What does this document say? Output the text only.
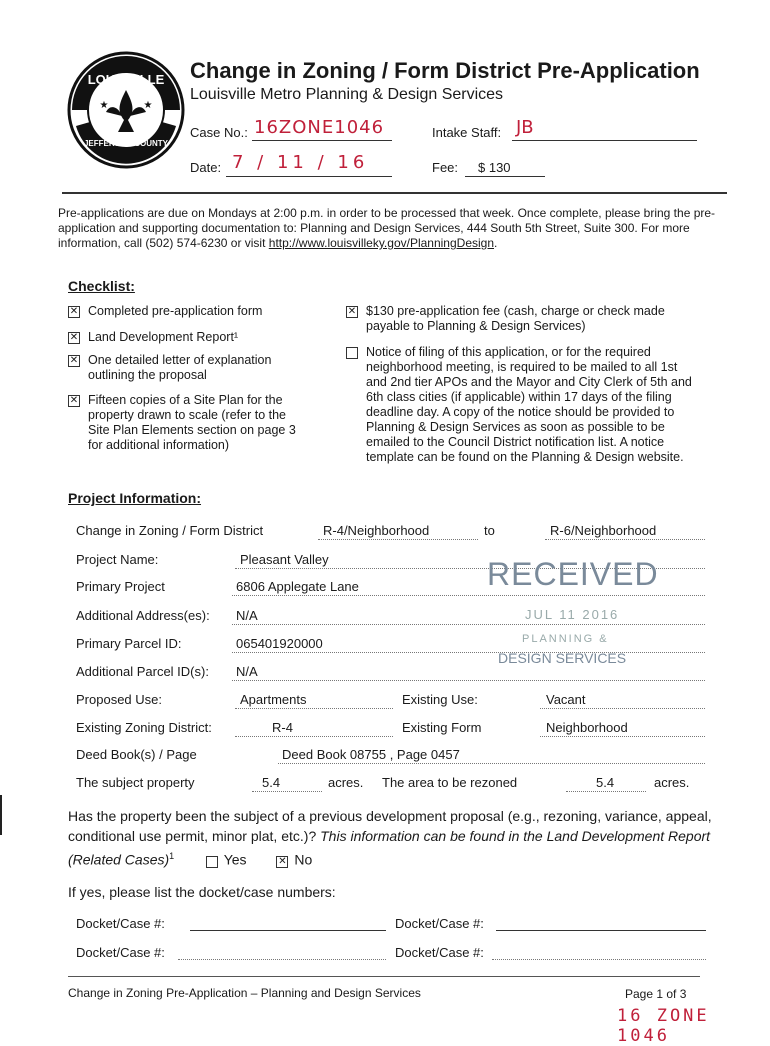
LOUISVILLE
JEFFERSON COUNTY
★	★
Change in Zoning / Form District Pre-Application
Louisville Metro Planning & Design Services
Case No.: 16ZONE1046	Intake Staff: JB
Date: 7 / 11 / 16	Fee: $ 130
Pre-applications are due on Mondays at 2:00 p.m. in order to be processed that week. Once complete, please bring the pre-application and supporting documentation to: Planning and Design Services, 444 South 5th Street, Suite 300. For more information, call (502) 574-6230 or visit http://www.louisvilleky.gov/PlanningDesign.
Checklist:
✕ Completed pre-application form
✕ Land Development Report¹
✕ One detailed letter of explanation outlining the proposal
✕ Fifteen copies of a Site Plan for the property drawn to scale (refer to the Site Plan Elements section on page 3 for additional information)
✕ $130 pre-application fee (cash, charge or check made payable to Planning & Design Services)
Notice of filing of this application, or for the required neighborhood meeting, is required to be mailed to all 1st and 2nd tier APOs and the Mayor and City Clerk of 5th and 6th class cities (if applicable) within 17 days of the filing deadline day. A copy of the notice should be provided to Planning & Design Services as soon as possible to be emailed to the Council District notification list. A notice template can be found on the Planning & Design website.
Project Information:
Change in Zoning / Form District	R-4/Neighborhood	to	R-6/Neighborhood
Project Name:	Pleasant Valley
Primary Project	6806 Applegate Lane
Additional Address(es): N/A
Primary Parcel ID:	065401920000
Additional Parcel ID(s): N/A
Proposed Use:	Apartments	Existing Use:	Vacant
Existing Zoning District:	R-4	Existing Form	Neighborhood
Deed Book(s) / Page	Deed Book 08755 , Page 0457
The subject property	5.4	acres. The area to be rezoned	5.4	acres.
RECEIVED
JUL 11 2016
PLANNING &
DESIGN SERVICES
Has the property been the subject of a previous development proposal (e.g., rezoning, variance, appeal, conditional use permit, minor plat, etc.)? This information can be found in the Land Development Report (Related Cases)$^1$	Yes	✕ No
If yes, please list the docket/case numbers:
Docket/Case #:	Docket/Case #:
Docket/Case #:	Docket/Case #:
Change in Zoning Pre-Application – Planning and Design Services	Page 1 of 3
16 ZONE 1046
